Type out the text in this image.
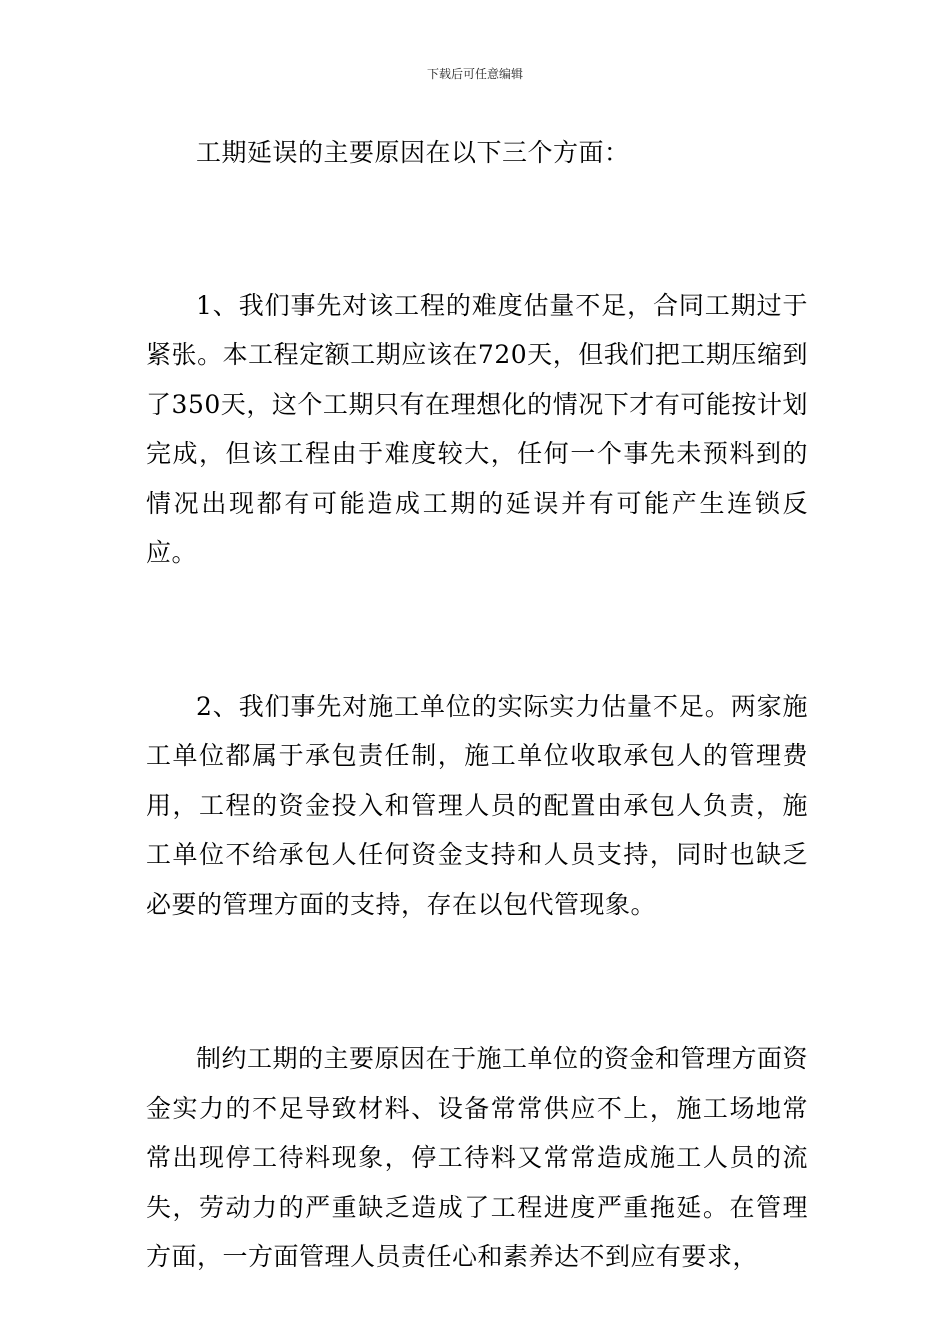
下载后可任意编辑

工期延误的主要原因在以下三个方面：

1、我们事先对该工程的难度估量不足，合同工期过于紧张。本工程定额工期应该在720天，但我们把工期压缩到了350天，这个工期只有在理想化的情况下才有可能按计划完成，但该工程由于难度较大，任何一个事先未预料到的情况出现都有可能造成工期的延误并有可能产生连锁反应。

2、我们事先对施工单位的实际实力估量不足。两家施工单位都属于承包责任制，施工单位收取承包人的管理费用，工程的资金投入和管理人员的配置由承包人负责，施工单位不给承包人任何资金支持和人员支持，同时也缺乏必要的管理方面的支持，存在以包代管现象。

制约工期的主要原因在于施工单位的资金和管理方面资金实力的不足导致材料、设备常常供应不上，施工场地常常出现停工待料现象，停工待料又常常造成施工人员的流失，劳动力的严重缺乏造成了工程进度严重拖延。在管理方面，一方面管理人员责任心和素养达不到应有要求，
